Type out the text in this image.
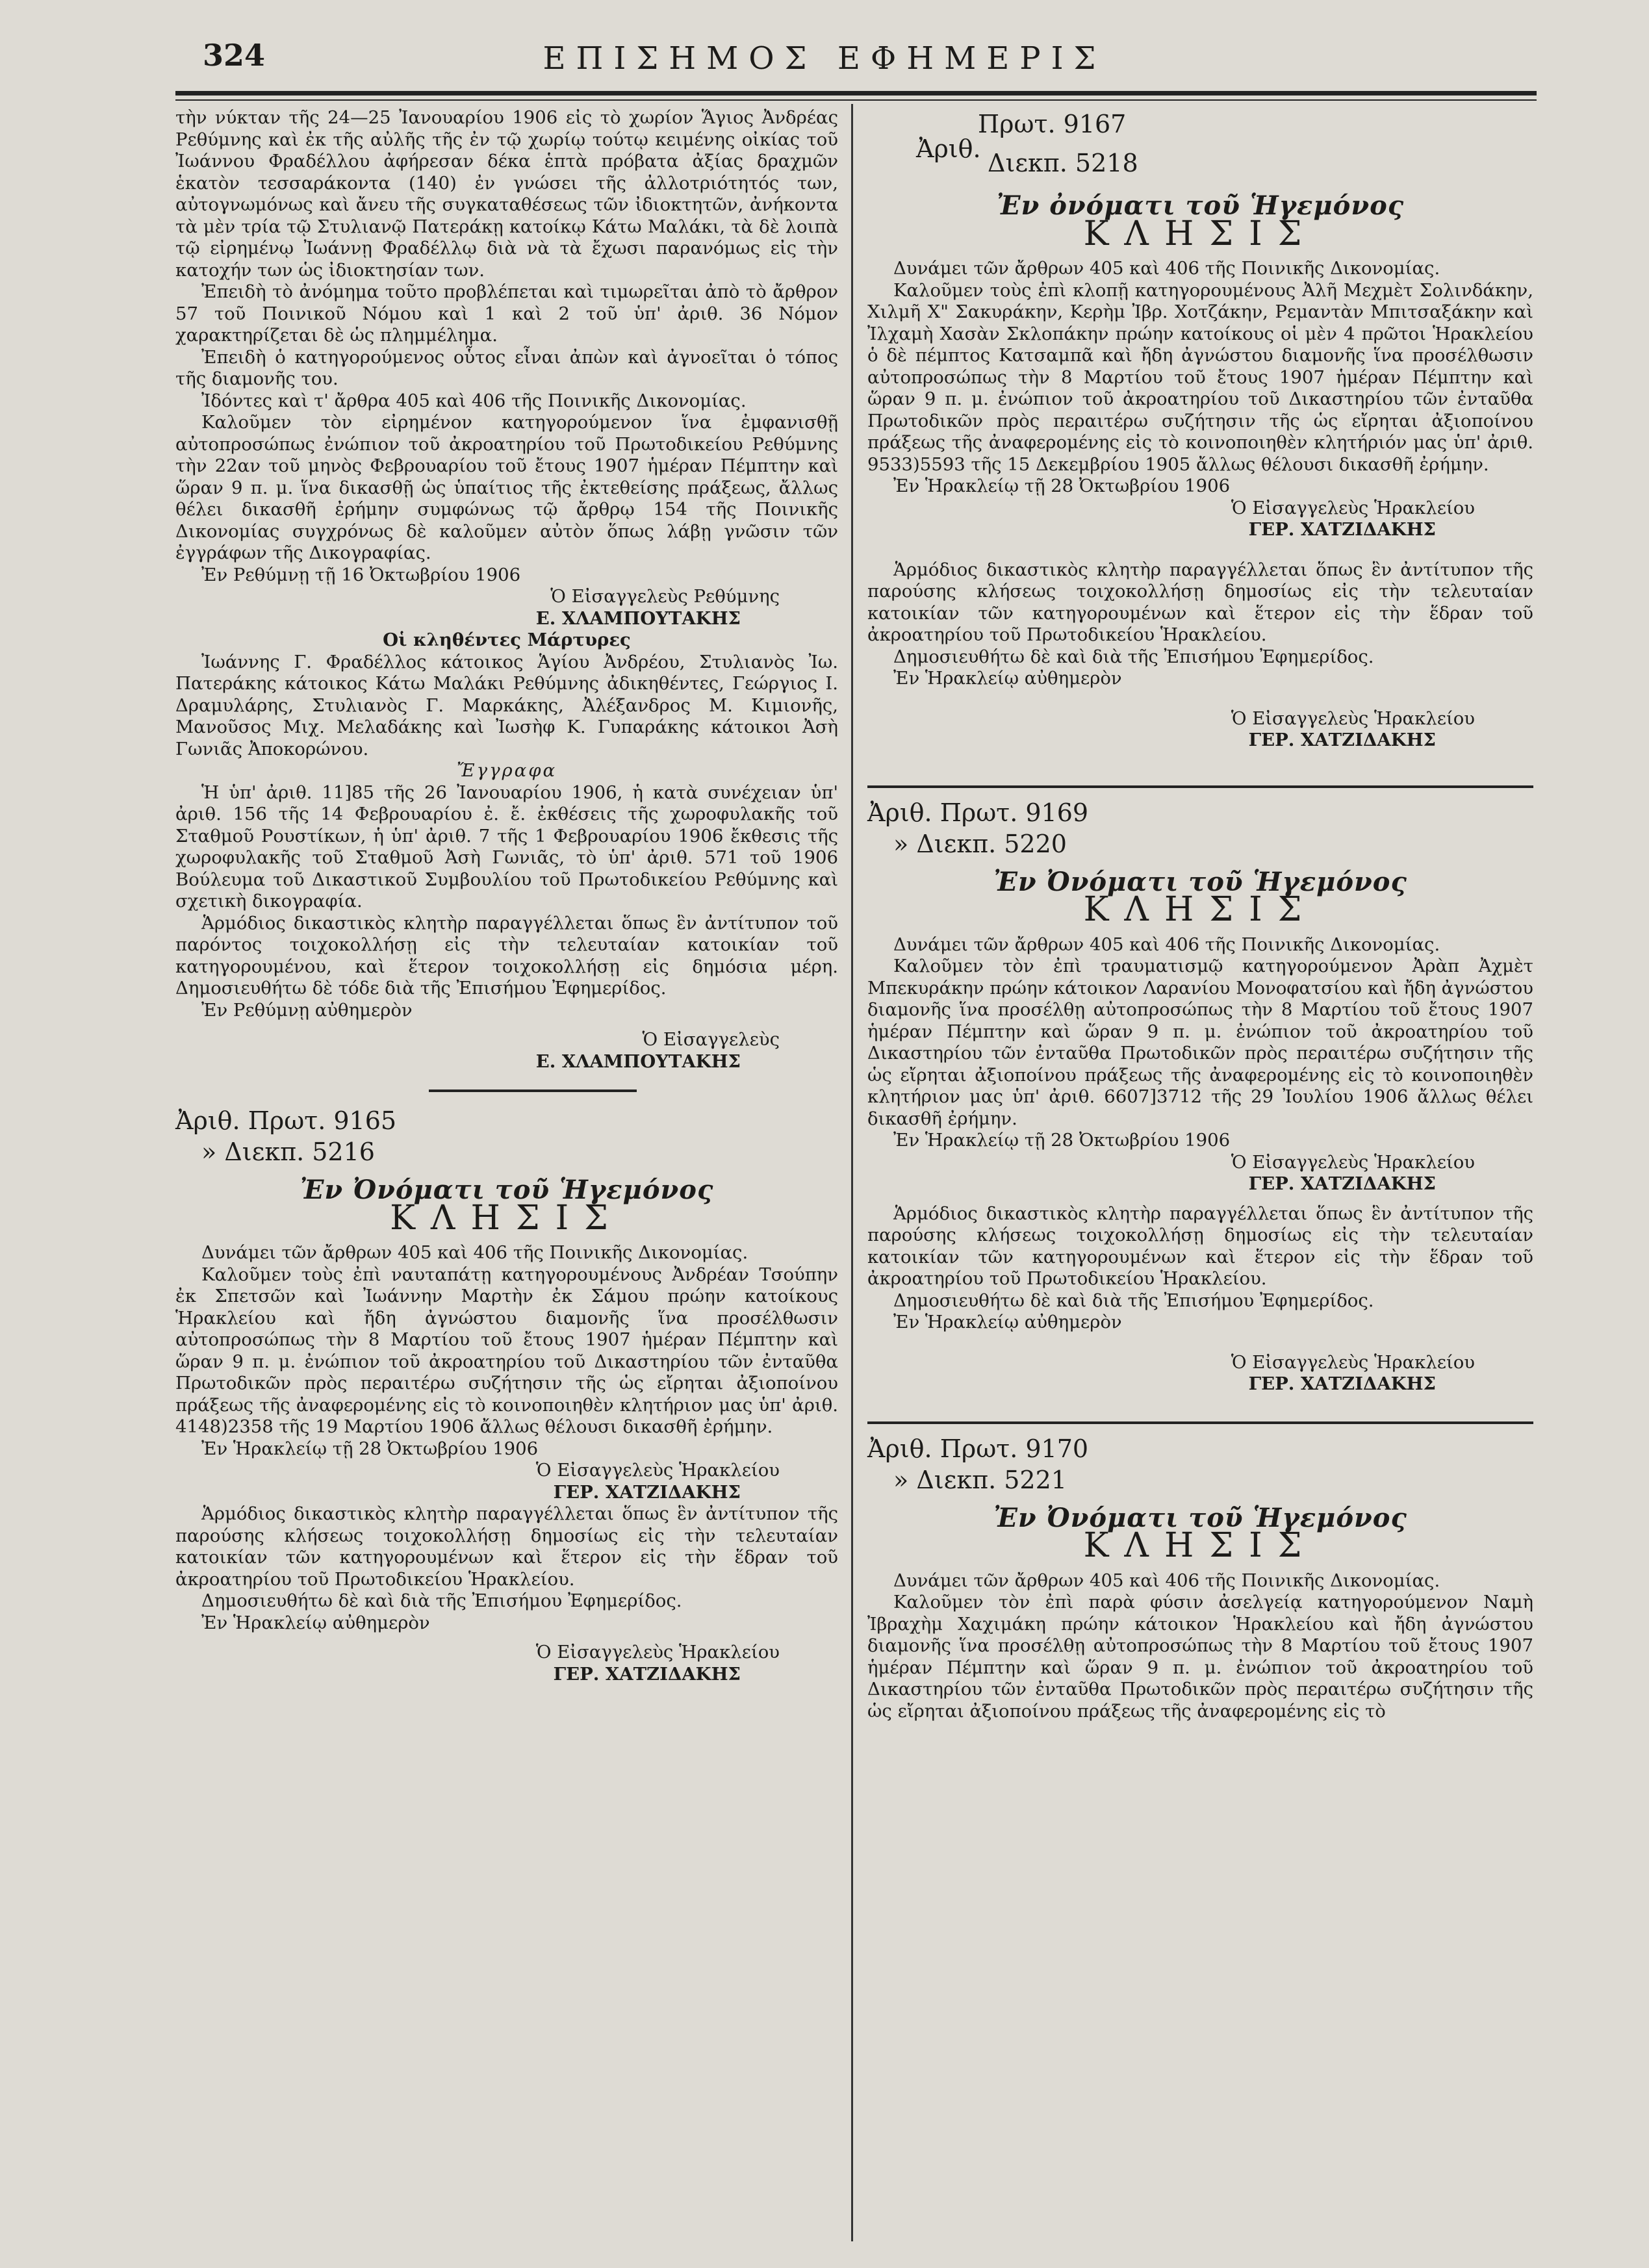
324	ΕΠΙΣΗΜΟΣ ΕΦΗΜΕΡΙΣ

τὴν νύκταν τῆς 24—25 Ἰανουαρίου 1906 εἰς τὸ χωρίον Ἅγιος Ἀνδρέας Ρεθύμνης καὶ ἐκ τῆς αὐλῆς τῆς ἐν τῷ χωρίῳ τούτῳ κειμένης οἰκίας τοῦ Ἰωάννου Φραδέλλου ἀφήρεσαν δέκα ἑπτὰ πρόβατα ἀξίας δραχμῶν ἑκατὸν τεσσαράκοντα (140) ἐν γνώσει τῆς ἀλλοτριότητός των, αὐτογνωμόνως καὶ ἄνευ τῆς συγκαταθέσεως τῶν ἰδιοκτητῶν, ἀνήκοντα τὰ μὲν τρία τῷ Στυλιανῷ Πατεράκῃ κατοίκῳ Κάτω Μαλάκι, τὰ δὲ λοιπὰ τῷ εἰρημένῳ Ἰωάννῃ Φραδέλλῳ διὰ νὰ τὰ ἔχωσι παρανόμως εἰς τὴν κατοχήν των ὡς ἰδιοκτησίαν των.

Ἐπειδὴ τὸ ἀνόμημα τοῦτο προβλέπεται καὶ τιμωρεῖται ἀπὸ τὸ ἄρθρον 57 τοῦ Ποινικοῦ Νόμου καὶ 1 καὶ 2 τοῦ ὑπ' ἀριθ. 36 Νόμον χαρακτηρίζεται δὲ ὡς πλημμέλημα.

Ἐπειδὴ ὁ κατηγορούμενος οὗτος εἶναι ἀπὼν καὶ ἀγνοεῖται ὁ τόπος τῆς διαμονῆς του.

Ἰδόντες καὶ τ' ἄρθρα 405 καὶ 406 τῆς Ποινικῆς Δικονομίας.

Καλοῦμεν τὸν εἰρημένον κατηγορούμενον ἵνα ἐμφανισθῇ αὐτοπροσώπως ἐνώπιον τοῦ ἀκροατηρίου τοῦ Πρωτοδικείου Ρεθύμνης τὴν 22αν τοῦ μηνὸς Φεβρουαρίου τοῦ ἔτους 1907 ἡμέραν Πέμπτην καὶ ὥραν 9 π. μ. ἵνα δικασθῇ ὡς ὑπαίτιος τῆς ἐκτεθείσης πράξεως, ἄλλως θέλει δικασθῆ ἐρήμην συμφώνως τῷ ἄρθρῳ 154 τῆς Ποινικῆς Δικονομίας συγχρόνως δὲ καλοῦμεν αὐτὸν ὅπως λάβῃ γνῶσιν τῶν ἐγγράφων τῆς Δικογραφίας.

Ἐν Ρεθύμνῃ τῇ 16 Ὀκτωβρίου 1906

Ὁ Εἰσαγγελεὺς Ρεθύμνης

Ε. ΧΛΑΜΠΟΥΤΑΚΗΣ

Οἱ κληθέντες Μάρτυρες

Ἰωάννης Γ. Φραδέλλος κάτοικος Ἁγίου Ἀνδρέου, Στυλιανὸς Ἰω. Πατεράκης κάτοικος Κάτω Μαλάκι Ρεθύμνης ἀδικηθέντες, Γεώργιος Ι. Δραμυλάρης, Στυλιανὸς Γ. Μαρκάκης, Ἀλέξανδρος Μ. Κιμιονῆς, Μανοῦσος Μιχ. Μελαδάκης καὶ Ἰωσὴφ Κ. Γυπαράκης κάτοικοι Ἀσὴ Γωνιᾶς Ἀποκορώνου.

Ἔγγραφα

Ἡ ὑπ' ἀριθ. 11]85 τῆς 26 Ἰανουαρίου 1906, ἡ κατὰ συνέχειαν ὑπ' ἀριθ. 156 τῆς 14 Φεβρουαρίου ἐ. ἔ. ἐκθέσεις τῆς χωροφυλακῆς τοῦ Σταθμοῦ Ρουστίκων, ἡ ὑπ' ἀριθ. 7 τῆς 1 Φεβρουαρίου 1906 ἔκθεσις τῆς χωροφυλακῆς τοῦ Σταθμοῦ Ἀσὴ Γωνιᾶς, τὸ ὑπ' ἀριθ. 571 τοῦ 1906 Βούλευμα τοῦ Δικαστικοῦ Συμβουλίου τοῦ Πρωτοδικείου Ρεθύμνης καὶ σχετικὴ δικογραφία.

Ἁρμόδιος δικαστικὸς κλητὴρ παραγγέλλεται ὅπως ἓν ἀντίτυπον τοῦ παρόντος τοιχοκολλήσῃ εἰς τὴν τελευταίαν κατοικίαν τοῦ κατηγορουμένου, καὶ ἕτερον τοιχοκολλήσῃ εἰς δημόσια μέρη. Δημοσιευθήτω δὲ τόδε διὰ τῆς Ἐπισήμου Ἐφημερίδος.

Ἐν Ρεθύμνῃ αὐθημερὸν

Ὁ Εἰσαγγελεὺς

Ε. ΧΛΑΜΠΟΥΤΑΚΗΣ

Ἀριθ. Πρωτ. 9165
» Διεκπ. 5216
Ἐν Ὀνόματι τοῦ Ἡγεμόνος
ΚΛΗΣΙΣ

Δυνάμει τῶν ἄρθρων 405 καὶ 406 τῆς Ποινικῆς Δικονομίας.

Καλοῦμεν τοὺς ἐπὶ ναυταπάτῃ κατηγορουμένους Ἀνδρέαν Τσούπην ἐκ Σπετσῶν καὶ Ἰωάννην Μαρτὴν ἐκ Σάμου πρώην κατοίκους Ἡρακλείου καὶ ἤδη ἀγνώστου διαμονῆς ἵνα προσέλθωσιν αὐτοπροσώπως τὴν 8 Μαρτίου τοῦ ἔτους 1907 ἡμέραν Πέμπτην καὶ ὥραν 9 π. μ. ἐνώπιον τοῦ ἀκροατηρίου τοῦ Δικαστηρίου τῶν ἐνταῦθα Πρωτοδικῶν πρὸς περαιτέρω συζήτησιν τῆς ὡς εἴρηται ἀξιοποίνου πράξεως τῆς ἀναφερομένης εἰς τὸ κοινοποιηθὲν κλητήριον μας ὑπ' ἀριθ. 4148)2358 τῆς 19 Μαρτίου 1906 ἄλλως θέλουσι δικασθῆ ἐρήμην.

Ἐν Ἡρακλείῳ τῇ 28 Ὀκτωβρίου 1906

Ὁ Εἰσαγγελεὺς Ἡρακλείου

ΓΕΡ. ΧΑΤΖΙΔΑΚΗΣ

Ἁρμόδιος δικαστικὸς κλητὴρ παραγγέλλεται ὅπως ἓν ἀντίτυπον τῆς παρούσης κλήσεως τοιχοκολλήσῃ δημοσίως εἰς τὴν τελευταίαν κατοικίαν τῶν κατηγορουμένων καὶ ἕτερον εἰς τὴν ἕδραν τοῦ ἀκροατηρίου τοῦ Πρωτοδικείου Ἡρακλείου.

Δημοσιευθήτω δὲ καὶ διὰ τῆς Ἐπισήμου Ἐφημερίδος.

Ἐν Ἡρακλείῳ αὐθημερὸν

Ὁ Εἰσαγγελεὺς Ἡρακλείου

ΓΕΡ. ΧΑΤΖΙΔΑΚΗΣ

Ἀριθ.
Πρωτ. 9167
Διεκπ. 5218
Ἐν ὀνόματι τοῦ Ἡγεμόνος
ΚΛΗΣΙΣ

Δυνάμει τῶν ἄρθρων 405 καὶ 406 τῆς Ποινικῆς Δικονομίας.

Καλοῦμεν τοὺς ἐπὶ κλοπῇ κατηγορουμένους Ἀλῆ Μεχμὲτ Σολινδάκην, Χιλμῆ Χ" Σακυράκην, Κερὴμ Ἰβρ. Χοτζάκην, Ρεμαντὰν Μπιτσαξάκην καὶ Ἰλχαμὴ Χασὰν Σκλοπάκην πρώην κατοίκους οἱ μὲν 4 πρῶτοι Ἡρακλείου ὁ δὲ πέμπτος Κατσαμπᾶ καὶ ἤδη ἀγνώστου διαμονῆς ἵνα προσέλθωσιν αὐτοπροσώπως τὴν 8 Μαρτίου τοῦ ἔτους 1907 ἡμέραν Πέμπτην καὶ ὥραν 9 π. μ. ἐνώπιον τοῦ ἀκροατηρίου τοῦ Δικαστηρίου τῶν ἐνταῦθα Πρωτοδικῶν πρὸς περαιτέρω συζήτησιν τῆς ὡς εἴρηται ἀξιοποίνου πράξεως τῆς ἀναφερομένης εἰς τὸ κοινοποιηθὲν κλητήριόν μας ὑπ' ἀριθ. 9533)5593 τῆς 15 Δεκεμβρίου 1905 ἄλλως θέλουσι δικασθῆ ἐρήμην.

Ἐν Ἡρακλείῳ τῇ 28 Ὀκτωβρίου 1906

Ὁ Εἰσαγγελεὺς Ἡρακλείου

ΓΕΡ. ΧΑΤΖΙΔΑΚΗΣ

Ἁρμόδιος δικαστικὸς κλητὴρ παραγγέλλεται ὅπως ἓν ἀντίτυπον τῆς παρούσης κλήσεως τοιχοκολλήσῃ δημοσίως εἰς τὴν τελευταίαν κατοικίαν τῶν κατηγορουμένων καὶ ἕτερον εἰς τὴν ἕδραν τοῦ ἀκροατηρίου τοῦ Πρωτοδικείου Ἡρακλείου.

Δημοσιευθήτω δὲ καὶ διὰ τῆς Ἐπισήμου Ἐφημερίδος.

Ἐν Ἡρακλείῳ αὐθημερὸν

Ὁ Εἰσαγγελεὺς Ἡρακλείου

ΓΕΡ. ΧΑΤΖΙΔΑΚΗΣ

Ἀριθ. Πρωτ. 9169
» Διεκπ. 5220
Ἐν Ὀνόματι τοῦ Ἡγεμόνος
ΚΛΗΣΙΣ

Δυνάμει τῶν ἄρθρων 405 καὶ 406 τῆς Ποινικῆς Δικονομίας.

Καλοῦμεν τὸν ἐπὶ τραυματισμῷ κατηγορούμενον Ἀρὰπ Ἀχμὲτ Μπεκυράκην πρώην κάτοικον Λαρανίου Μονοφατσίου καὶ ἤδη ἀγνώστου διαμονῆς ἵνα προσέλθῃ αὐτοπροσώπως τὴν 8 Μαρτίου τοῦ ἔτους 1907 ἡμέραν Πέμπτην καὶ ὥραν 9 π. μ. ἐνώπιον τοῦ ἀκροατηρίου τοῦ Δικαστηρίου τῶν ἐνταῦθα Πρωτοδικῶν πρὸς περαιτέρω συζήτησιν τῆς ὡς εἴρηται ἀξιοποίνου πράξεως τῆς ἀναφερομένης εἰς τὸ κοινοποιηθὲν κλητήριον μας ὑπ' ἀριθ. 6607]3712 τῆς 29 Ἰουλίου 1906 ἄλλως θέλει δικασθῆ ἐρήμην.

Ἐν Ἡρακλείῳ τῇ 28 Ὀκτωβρίου 1906

Ὁ Εἰσαγγελεὺς Ἡρακλείου

ΓΕΡ. ΧΑΤΖΙΔΑΚΗΣ

Ἁρμόδιος δικαστικὸς κλητὴρ παραγγέλλεται ὅπως ἓν ἀντίτυπον τῆς παρούσης κλήσεως τοιχοκολλήσῃ δημοσίως εἰς τὴν τελευταίαν κατοικίαν τῶν κατηγορουμένων καὶ ἕτερον εἰς τὴν ἕδραν τοῦ ἀκροατηρίου τοῦ Πρωτοδικείου Ἡρακλείου.

Δημοσιευθήτω δὲ καὶ διὰ τῆς Ἐπισήμου Ἐφημερίδος.

Ἐν Ἡρακλείῳ αὐθημερὸν

Ὁ Εἰσαγγελεὺς Ἡρακλείου

ΓΕΡ. ΧΑΤΖΙΔΑΚΗΣ

Ἀριθ. Πρωτ. 9170
» Διεκπ. 5221
Ἐν Ὀνόματι τοῦ Ἡγεμόνος
ΚΛΗΣΙΣ

Δυνάμει τῶν ἄρθρων 405 καὶ 406 τῆς Ποινικῆς Δικονομίας.

Καλοῦμεν τὸν ἐπὶ παρὰ φύσιν ἀσελγείᾳ κατηγορούμενον Ναμὴ Ἰβραχὴμ Χαχιμάκη πρώην κάτοικον Ἡρακλείου καὶ ἤδη ἀγνώστου διαμονῆς ἵνα προσέλθῃ αὐτοπροσώπως τὴν 8 Μαρτίου τοῦ ἔτους 1907 ἡμέραν Πέμπτην καὶ ὥραν 9 π. μ. ἐνώπιον τοῦ ἀκροατηρίου τοῦ Δικαστηρίου τῶν ἐνταῦθα Πρωτοδικῶν πρὸς περαιτέρω συζήτησιν τῆς ὡς εἴρηται ἀξιοποίνου πράξεως τῆς ἀναφερομένης εἰς τὸ
